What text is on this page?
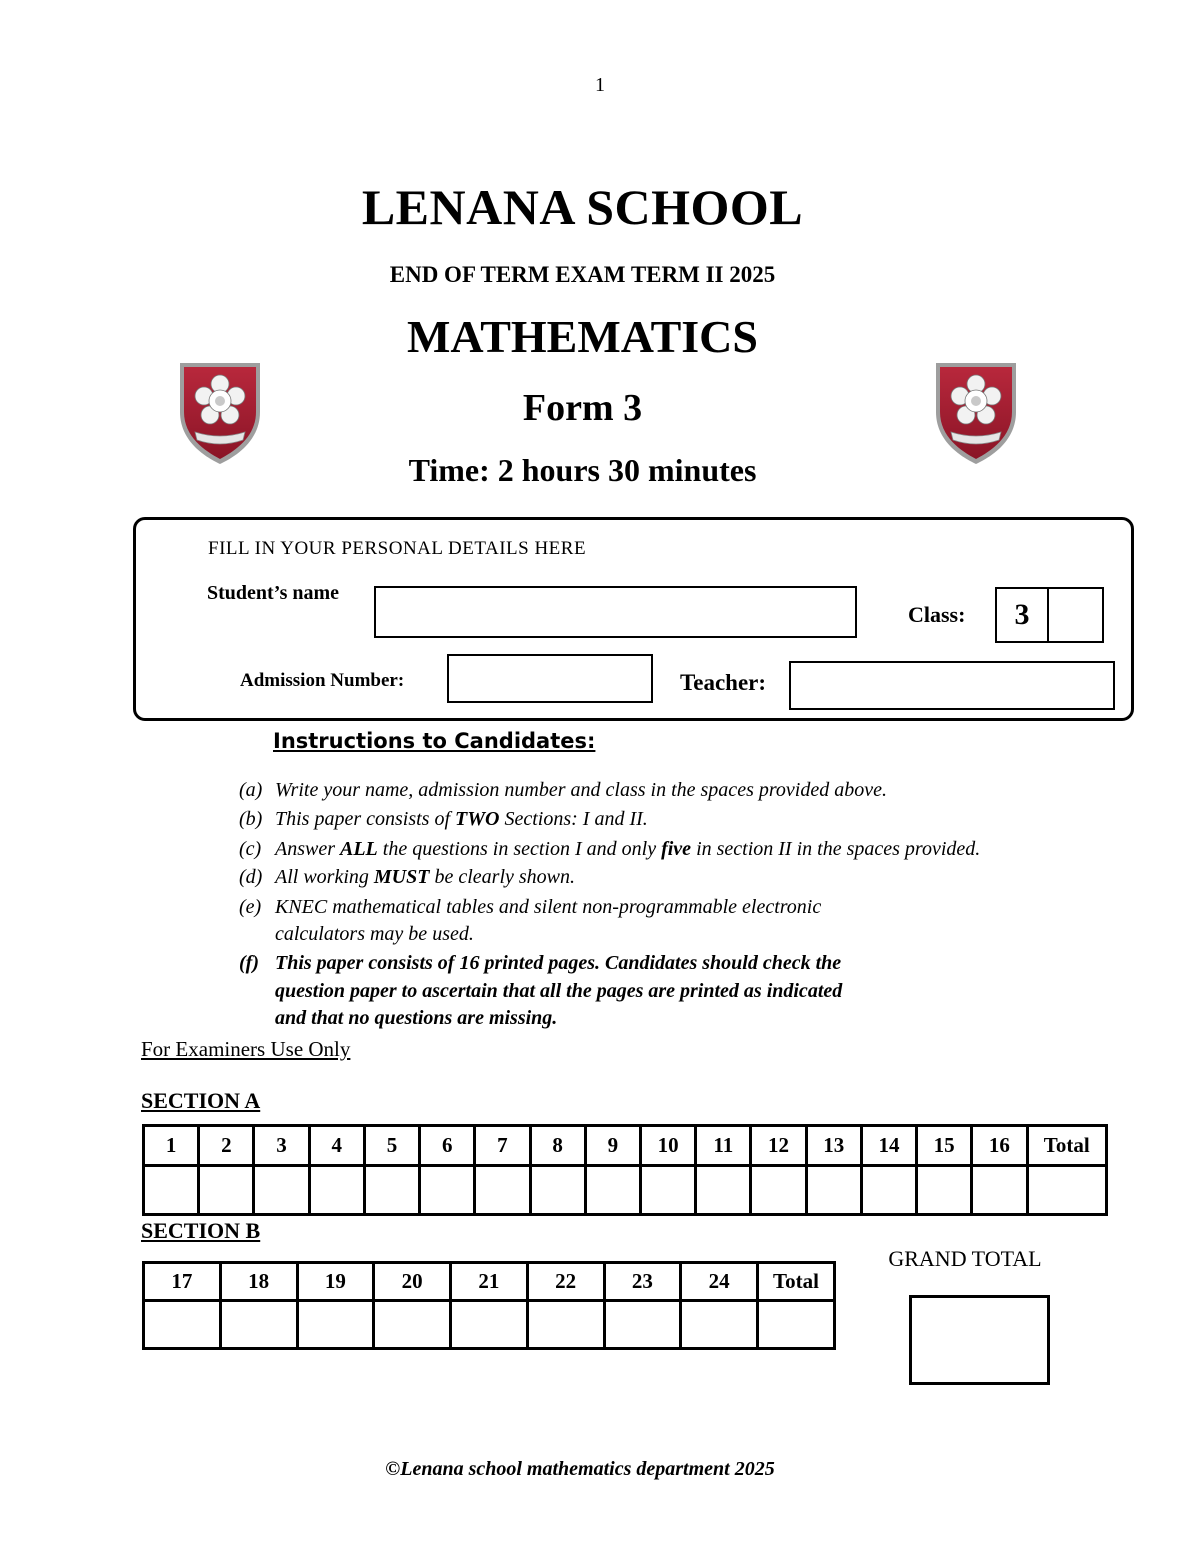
1
LENANA SCHOOL
END OF TERM EXAM TERM II 2025
MATHEMATICS
Form 3
Time: 2 hours 30 minutes
FILL IN YOUR PERSONAL DETAILS HERE
Student’s name
Class:	3
Admission Number:	Teacher:
Instructions to Candidates:
(a) Write your name, admission number and class in the spaces provided above.
(b) This paper consists of TWO Sections: I and II.
(c) Answer ALL the questions in section I and only five in section II in the spaces provided.
(d) All working MUST be clearly shown.
(e) KNEC mathematical tables and silent non-programmable electronic
calculators may be used.
(f) This paper consists of 16 printed pages. Candidates should check the
question paper to ascertain that all the pages are printed as indicated
and that no questions are missing.
For Examiners Use Only
SECTION A
1	2	3	4	5	6	7	8	9	10	11	12	13	14	15	16	Total

SECTION B
17	18	19	20	21	22	23	24	Total

GRAND TOTAL
©Lenana school mathematics department 2025
